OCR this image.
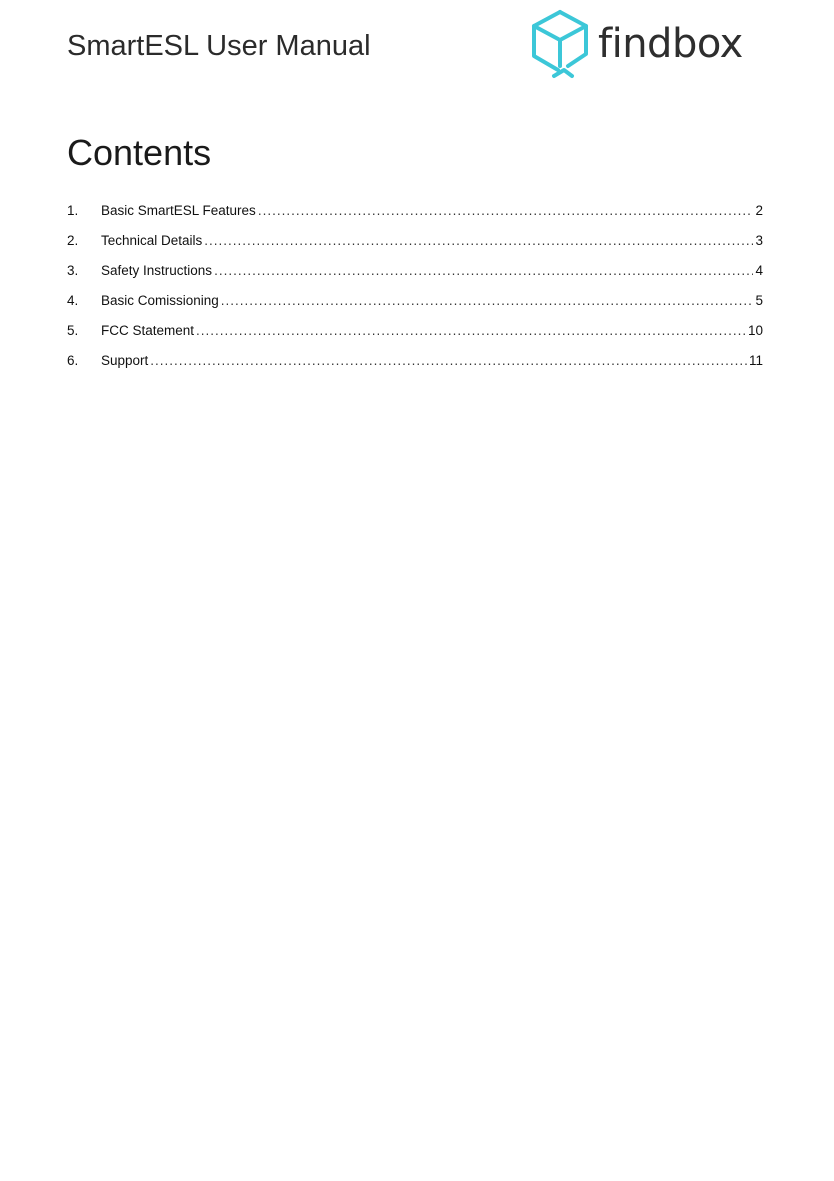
SmartESL User Manual	findbox
Contents
1.	Basic SmartESL Features .....	2
2.	Technical Details .....	3
3.	Safety Instructions .....	4
4.	Basic Comissioning .....	5
5.	FCC Statement .....	10
6.	Support .....	11
